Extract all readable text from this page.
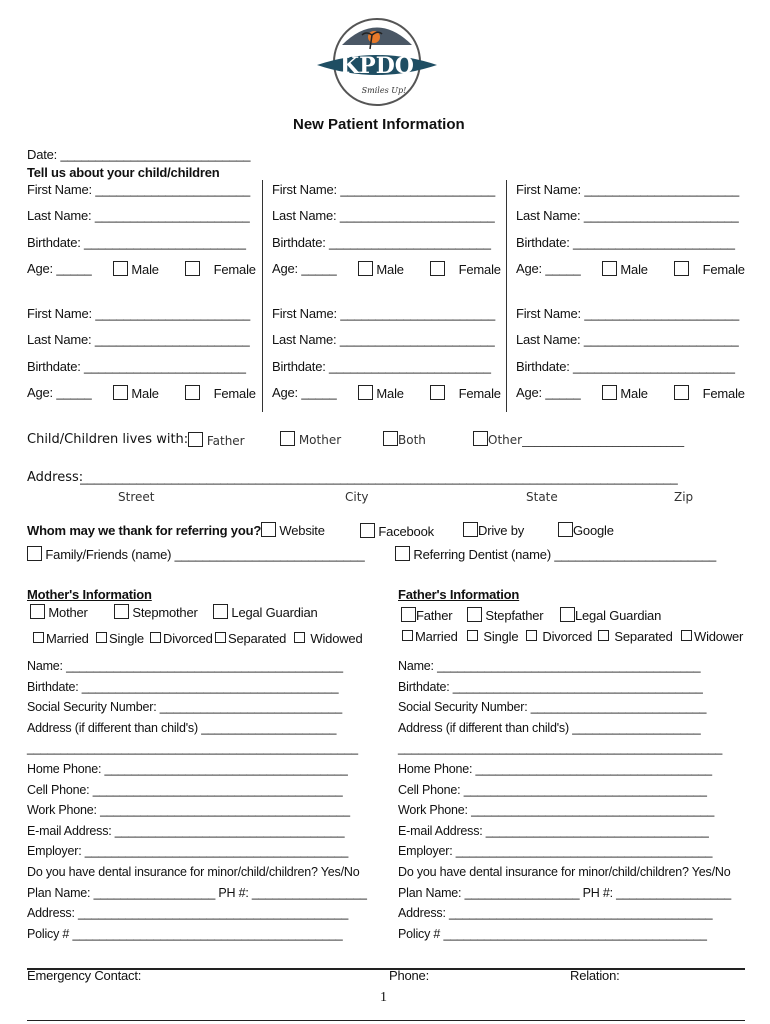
KPDO
Smiles Up!
New Patient Information
Date: ___________________________
Tell us about your child/children
First Name: ______________________
Last Name: ______________________
Birthdate: _______________________
Age: _____	Male	Female
First Name: ______________________
Last Name: ______________________
Birthdate: _______________________
Age: _____	Male	Female
First Name: ______________________
Last Name: ______________________
Birthdate: _______________________
Age: _____	Male	Female
First Name: ______________________
Last Name: ______________________
Birthdate: _______________________
Age: _____	Male	Female
First Name: ______________________
Last Name: ______________________
Birthdate: _______________________
Age: _____	Male	Female
First Name: ______________________
Last Name: ______________________
Birthdate: _______________________
Age: _____	Male	Female
Child/Children lives with:	Father	Mother	Both	Other___________________________
Address:
_____________________________________________________________________________________
Street	City	State	Zip
Whom may we thank for referring you?	Website	Facebook	Drive by	Google
Family/Friends (name) ___________________________	Referring Dentist (name) _______________________
Mother's Information
Mother	Stepmother	Legal Guardian
Married	Single	Divorced	Separated	Widowed
Father's Information
Father	Stepfather	Legal Guardian
Married	Single	Divorced	Separated	Widower
Name: _________________________________________
Birthdate: ______________________________________
Social Security Number: ___________________________
Address (if different than child's) ____________________
_________________________________________________
Home Phone: ____________________________________
Cell Phone: _____________________________________
Work Phone: _____________________________________
E-mail Address: __________________________________
Employer: _______________________________________
Do you have dental insurance for minor/child/children? Yes/No
Plan Name: __________________ PH #: _________________
Address: ________________________________________
Policy # ________________________________________
Name: _______________________________________
Birthdate: _____________________________________
Social Security Number: __________________________
Address (if different than child's) ___________________
________________________________________________
Home Phone: ___________________________________
Cell Phone: ____________________________________
Work Phone: ____________________________________
E-mail Address: _________________________________
Employer: ______________________________________
Do you have dental insurance for minor/child/children? Yes/No
Plan Name: _________________ PH #: _________________
Address: _______________________________________
Policy # _______________________________________
Emergency Contact:	Phone:	Relation:
1
